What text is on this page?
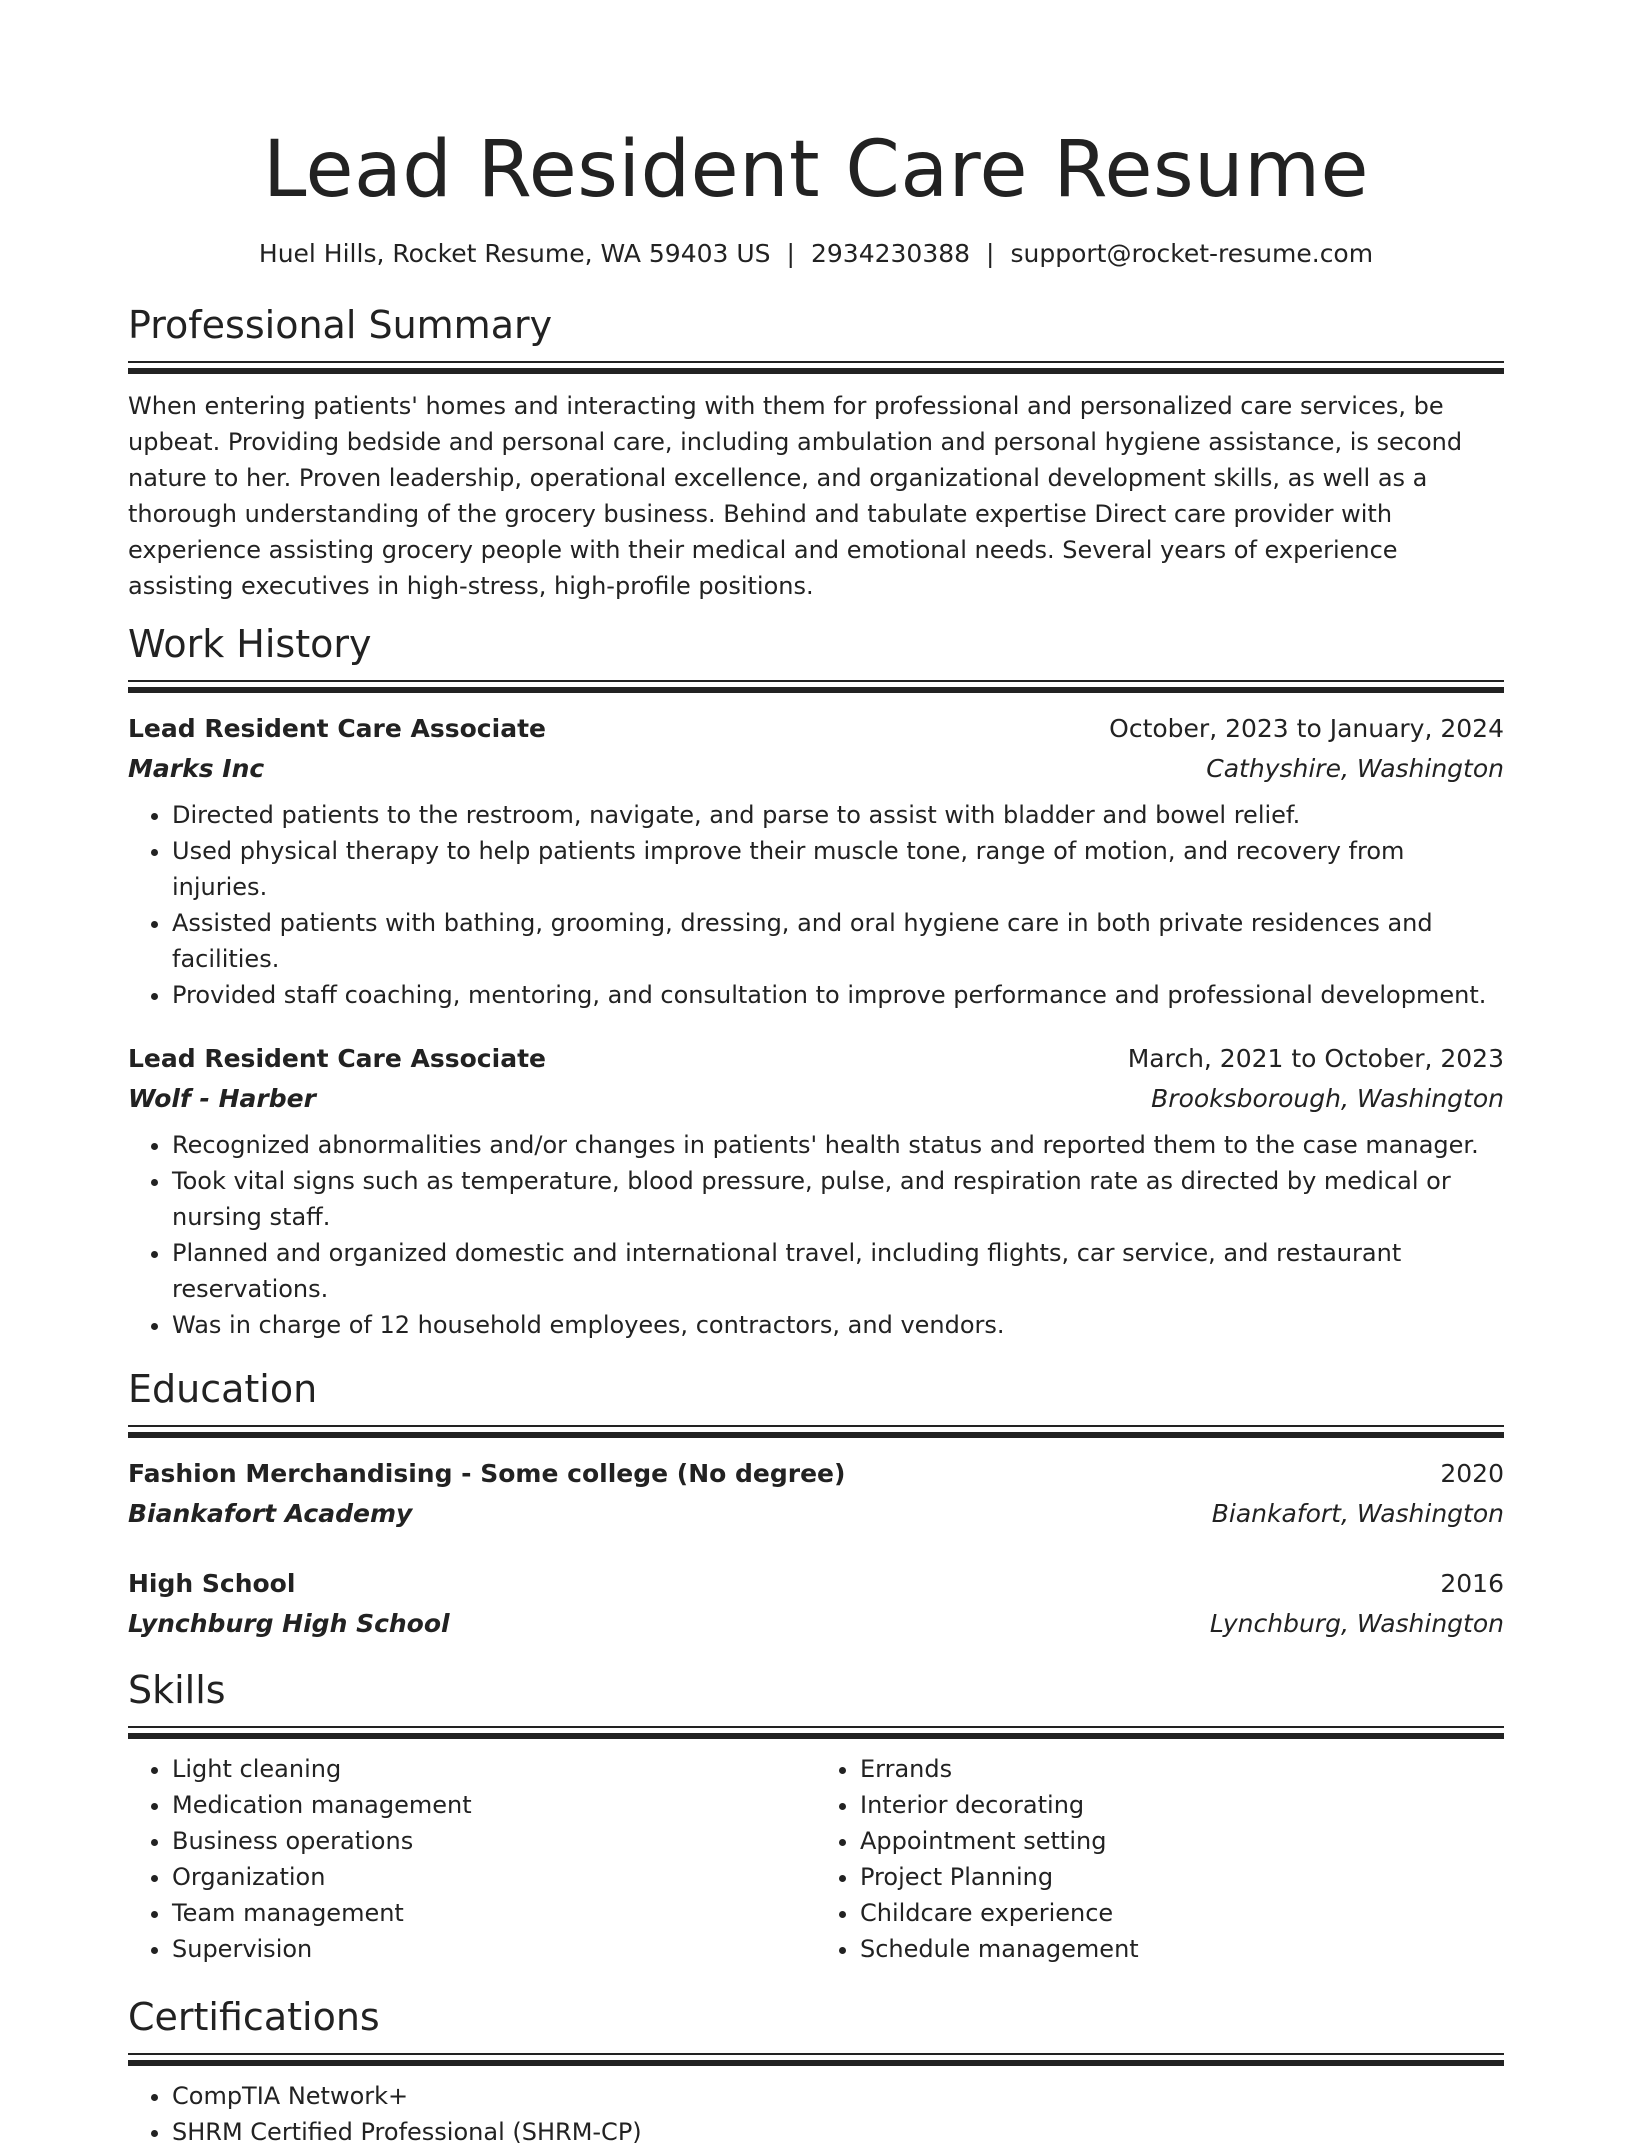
Lead Resident Care Resume
Huel Hills, Rocket Resume, WA 59403 US | 2934230388 | support@rocket-resume.com
Professional Summary
When entering patients' homes and interacting with them for professional and personalized care services, be upbeat. Providing bedside and personal care, including ambulation and personal hygiene assistance, is second nature to her. Proven leadership, operational excellence, and organizational development skills, as well as a thorough understanding of the grocery business. Behind and tabulate expertise Direct care provider with experience assisting grocery people with their medical and emotional needs. Several years of experience assisting executives in high-stress, high-profile positions.
Work History
Lead Resident Care Associate	October, 2023 to January, 2024
Marks Inc	Cathyshire, Washington
• Directed patients to the restroom, navigate, and parse to assist with bladder and bowel relief.
• Used physical therapy to help patients improve their muscle tone, range of motion, and recovery from injuries.
• Assisted patients with bathing, grooming, dressing, and oral hygiene care in both private residences and facilities.
• Provided staff coaching, mentoring, and consultation to improve performance and professional development.
Lead Resident Care Associate	March, 2021 to October, 2023
Wolf - Harber	Brooksborough, Washington
• Recognized abnormalities and/or changes in patients' health status and reported them to the case manager.
• Took vital signs such as temperature, blood pressure, pulse, and respiration rate as directed by medical or nursing staff.
• Planned and organized domestic and international travel, including flights, car service, and restaurant reservations.
• Was in charge of 12 household employees, contractors, and vendors.
Education
Fashion Merchandising - Some college (No degree)	2020
Biankafort Academy	Biankafort, Washington
High School	2016
Lynchburg High School	Lynchburg, Washington
Skills
• Light cleaning
• Medication management
• Business operations
• Organization
• Team management
• Supervision
• Errands
• Interior decorating
• Appointment setting
• Project Planning
• Childcare experience
• Schedule management
Certifications
• CompTIA Network+
• SHRM Certified Professional (SHRM-CP)
